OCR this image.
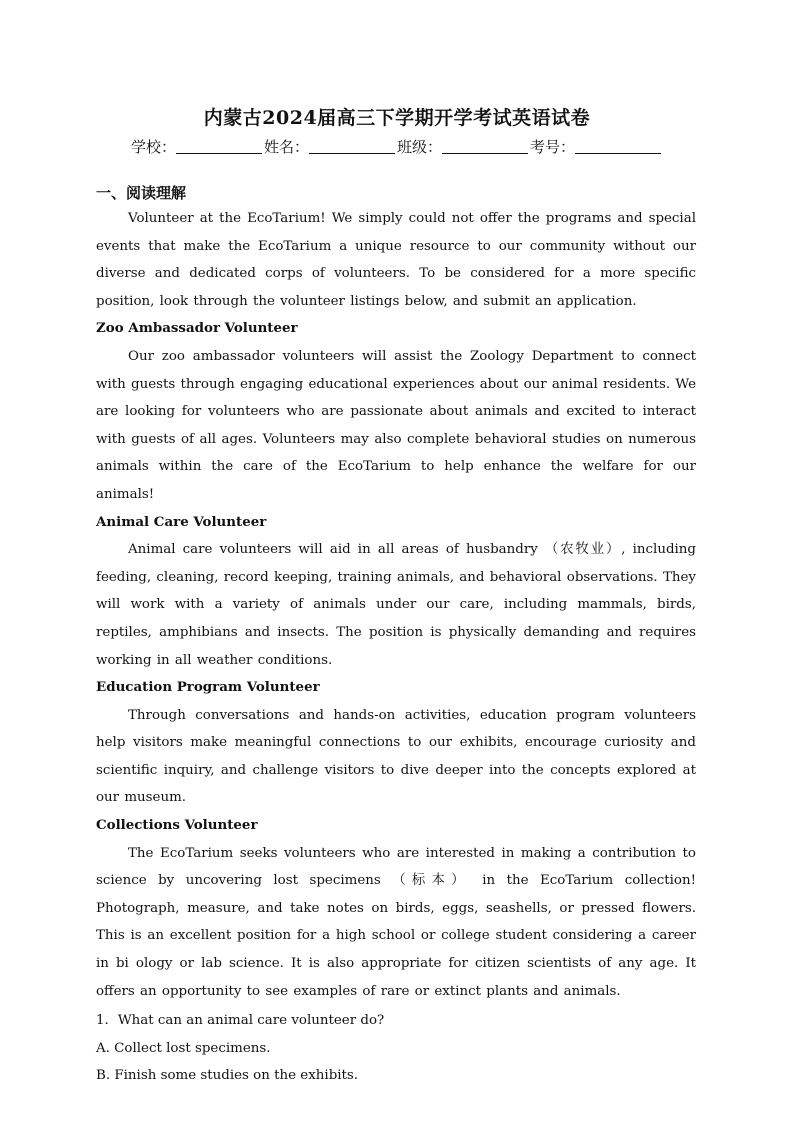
内蒙古2024届高三下学期开学考试英语试卷
学校：	姓名：	班级：	考号：

一、阅读理解

Volunteer at the EcoTarium! We simply could not offer the programs and special events that make the EcoTarium a unique resource to our community without our diverse and dedicated corps of volunteers. To be considered for a more specific position, look through the volunteer listings below, and submit an application.

Zoo Ambassador Volunteer

Our zoo ambassador volunteers will assist the Zoology Department to connect with guests through engaging educational experiences about our animal residents. We are looking for volunteers who are passionate about animals and excited to interact with guests of all ages. Volunteers may also complete behavioral studies on numerous animals within the care of the EcoTarium to help enhance the welfare for our animals!

Animal Care Volunteer

Animal care volunteers will aid in all areas of husbandry （农牧业）, including feeding, cleaning, record keeping, training animals, and behavioral observations. They will work with a variety of animals under our care, including mammals, birds, reptiles, amphibians and insects. The position is physically demanding and requires working in all weather conditions.

Education Program Volunteer

Through conversations and hands-on activities, education program volunteers help visitors make meaningful connections to our exhibits, encourage curiosity and scientific inquiry, and challenge visitors to dive deeper into the concepts explored at our museum.

Collections Volunteer

The EcoTarium seeks volunteers who are interested in making a contribution to science by uncovering lost specimens （标本） in the EcoTarium collection! Photograph, measure, and take notes on birds, eggs, seashells, or pressed flowers. This is an excellent position for a high school or college student considering a career in bi ology or lab science. It is also appropriate for citizen scientists of any age. It offers an opportunity to see examples of rare or extinct plants and animals.

1．What can an animal care volunteer do?

A. Collect lost specimens.

B. Finish some studies on the exhibits.
